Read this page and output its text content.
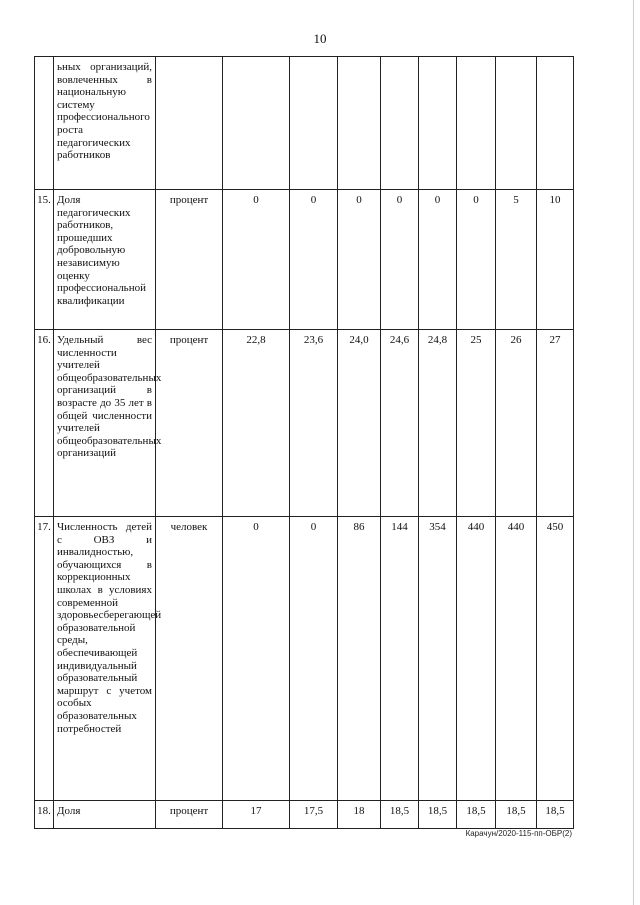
10

	ьных организаций, вовлеченных в национальную систему профессионального роста педагогических работников									

15.	Доля педагогических работников, прошедших добровольную независимую оценку профессиональной квалификации	процент	0	0	0	0	0	0	5	10
16.	Удельный вес численности учителей общеобразовательных организаций в возрасте до 35 лет в общей численности учителей общеобразовательных организаций	процент	22,8	23,6	24,0	24,6	24,8	25	26	27
17.	Численность детей с ОВЗ и инвалидностью, обучающихся в коррекционных школах в условиях современной здоровьесберегающей образовательной среды, обеспечивающей индивидуальный образовательный маршрут с учетом особых образовательных потребностей	человек	0	0	86	144	354	440	440	450
18.	Доля	процент	17	17,5	18	18,5	18,5	18,5	18,5	18,5
Карачун/2020-115-пп-ОБР(2)
